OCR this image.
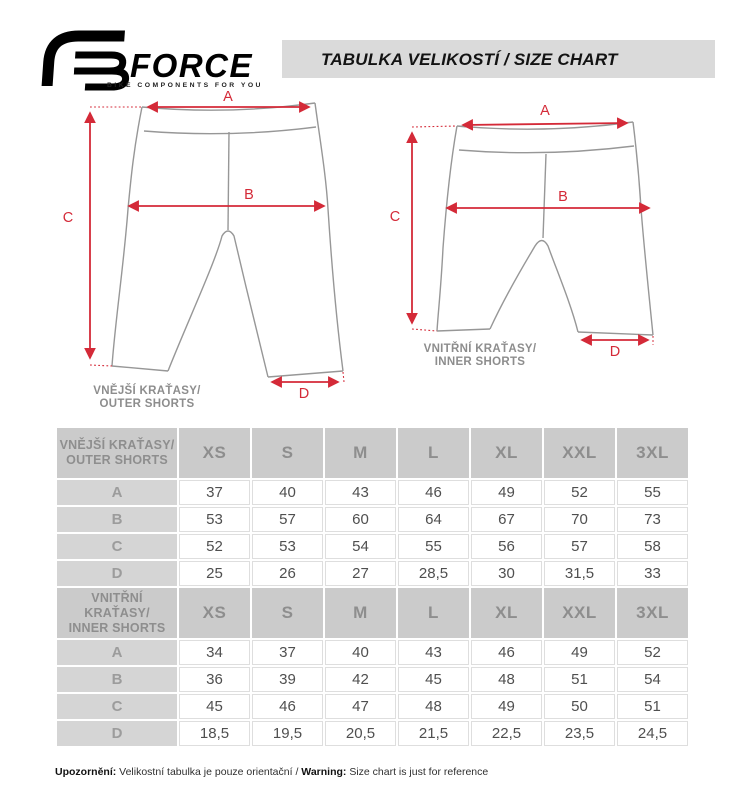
TABULKA VELIKOSTÍ / SIZE CHART
FORCE
BIKE COMPONENTS FOR YOU
A
B
C
D
VNĚJŠÍ KRAŤASY/
OUTER SHORTS
A
B
C
D
VNITŘNÍ KRAŤASY/
INNER SHORTS
VNĚJŠÍ KRAŤASY/
OUTER SHORTS	XS	S	M	L	XL	XXL	3XL
A	37	40	43	46	49	52	55
B	53	57	60	64	67	70	73
C	52	53	54	55	56	57	58
D	25	26	27	28,5	30	31,5	33
VNITŘNÍ KRAŤASY/
INNER SHORTS	XS	S	M	L	XL	XXL	3XL
A	34	37	40	43	46	49	52
B	36	39	42	45	48	51	54
C	45	46	47	48	49	50	51
D	18,5	19,5	20,5	21,5	22,5	23,5	24,5
Upozornění: Velikostní tabulka je pouze orientační / Warning: Size chart is just for reference
